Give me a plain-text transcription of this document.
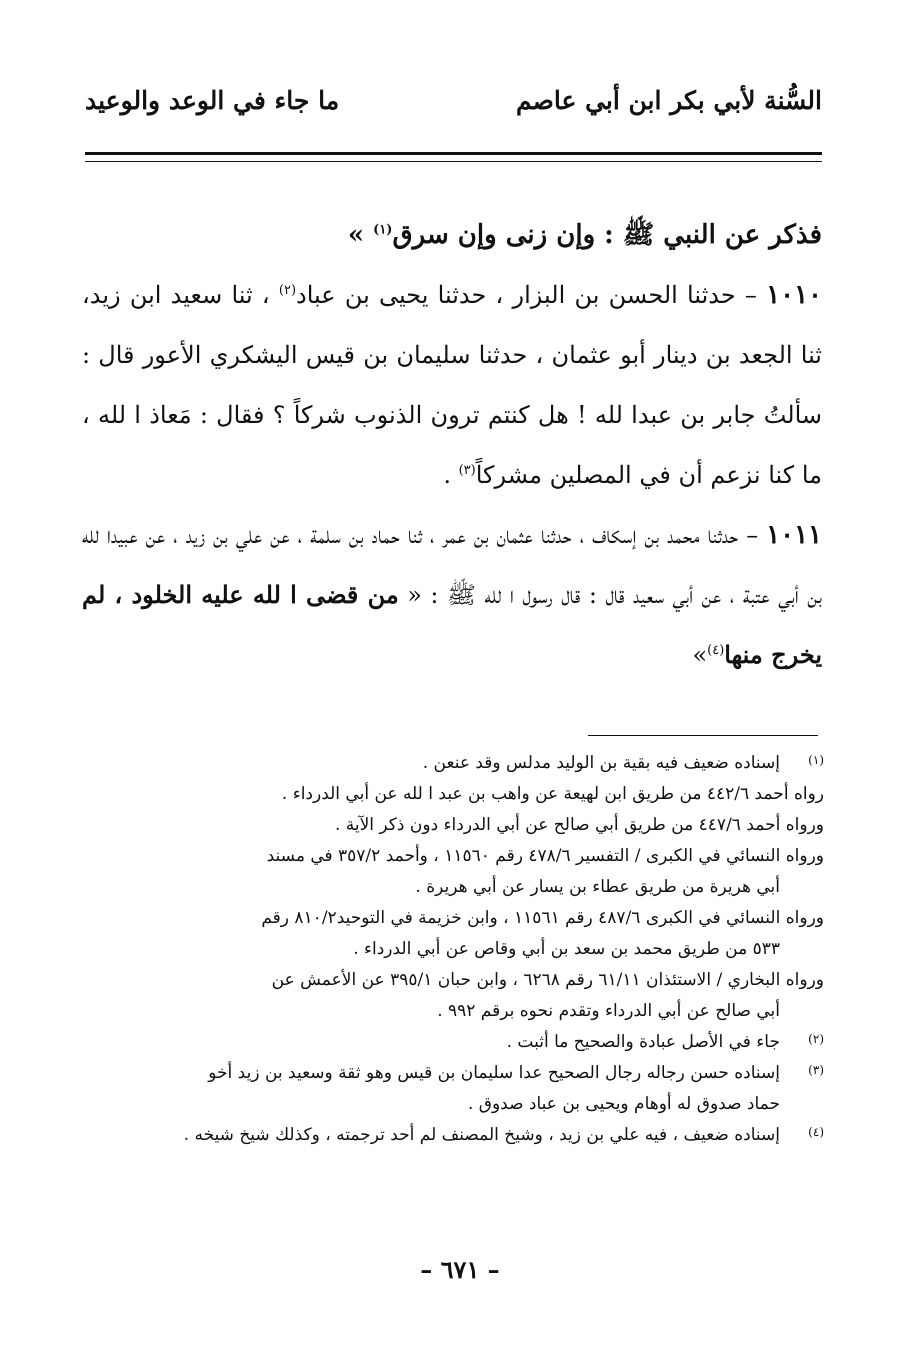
السُّنة لأبي بكر ابن أبي عاصم
ما جاء في الوعد والوعيد

فذكر عن النبي ﷺ : وإن زنى وإن سرق$^{(١)}$ »

١٠١٠ – حدثنا الحسن بن البزار ، حدثنا يحيى بن عباد$^{(٢)}$ ، ثنا سعيد ابن زيد، ثنا الجعد بن دينار أبو عثمان ، حدثنا سليمان بن قيس اليشكري الأعور قال : سألتُ جابر بن عبدا لله ! هل كنتم ترون الذنوب شركاً ؟ فقال : مَعاذ ا لله ، ما كنا نزعم أن في المصلين مشركاً$^{(٣)}$ .

١٠١١ – حدثنا محمد بن إسكاف ، حدثنا عثمان بن عمر ، ثنا حماد بن سلمة ، عن علي بن زيد ، عن عبيدا لله بن أبي عتبة ، عن أبي سعيد قال : قال رسول ا لله ﷺ : « من قضى ا لله عليه الخلود ، لم يخرج منها$^{(٤)}$»

(١)
إسناده ضعيف فيه بقية بن الوليد مدلس وقد عنعن .

رواه أحمد ٤٤٢/٦ من طريق ابن لهيعة عن واهب بن عبد ا لله عن أبي الدرداء .

ورواه أحمد ٤٤٧/٦ من طريق أبي صالح عن أبي الدرداء دون ذكر الآية .

ورواه النسائي في الكبرى / التفسير ٤٧٨/٦ رقم ١١٥٦٠ ، وأحمد ٣٥٧/٢ في مسند

أبي هريرة من طريق عطاء بن يسار عن أبي هريرة .

ورواه النسائي في الكبرى ٤٨٧/٦ رقم ١١٥٦١ ، وابن خزيمة في التوحيد٨١٠/٢ رقم

٥٣٣ من طريق محمد بن سعد بن أبي وقاص عن أبي الدرداء .

ورواه البخاري / الاستئذان ٦١/١١ رقم ٦٢٦٨ ، وابن حبان ٣٩٥/١ عن الأعمش عن

أبي صالح عن أبي الدرداء وتقدم نحوه برقم ٩٩٢ .

(٢)
جاء في الأصل عبادة والصحيح ما أثبت .
(٣)
إسناده حسن رجاله رجال الصحيح عدا سليمان بن قيس وهو ثقة وسعيد بن زيد أخو

حماد صدوق له أوهام ويحيى بن عباد صدوق .

(٤)
إسناده ضعيف ، فيه علي بن زيد ، وشيخ المصنف لم أحد ترجمته ، وكذلك شيخ شيخه .
– ٦٧١ –
